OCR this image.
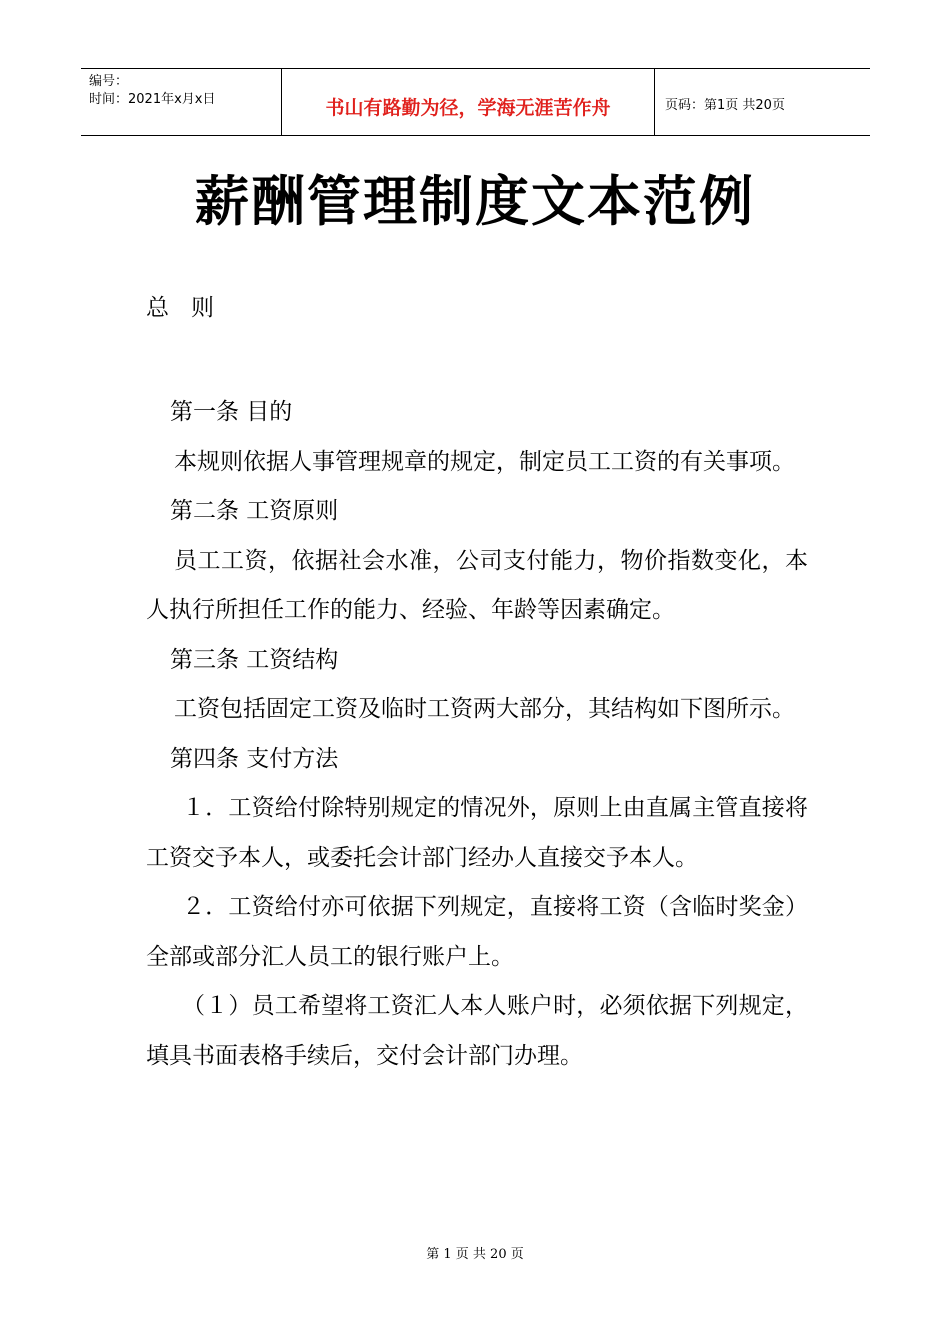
编号：
时间：2021年x月x日	书山有路勤为径，学海无涯苦作舟	页码：第1页 共20页
薪酬管理制度文本范例
总 则

第一条 目的

本规则依据人事管理规章的规定，制定员工工资的有关事项。

第二条 工资原则

员工工资，依据社会水准，公司支付能力，物价指数变化，本人执行所担任工作的能力、经验、年龄等因素确定。

第三条 工资结构

工资包括固定工资及临时工资两大部分，其结构如下图所示。

第四条 支付方法

１．工资给付除特别规定的情况外，原则上由直属主管直接将工资交予本人，或委托会计部门经办人直接交予本人。

２．工资给付亦可依据下列规定，直接将工资（含临时奖金）全部或部分汇人员工的银行账户上。

（１）员工希望将工资汇人本人账户时，必须依据下列规定，填具书面表格手续后，交付会计部门办理。

第 1 页 共 20 页
